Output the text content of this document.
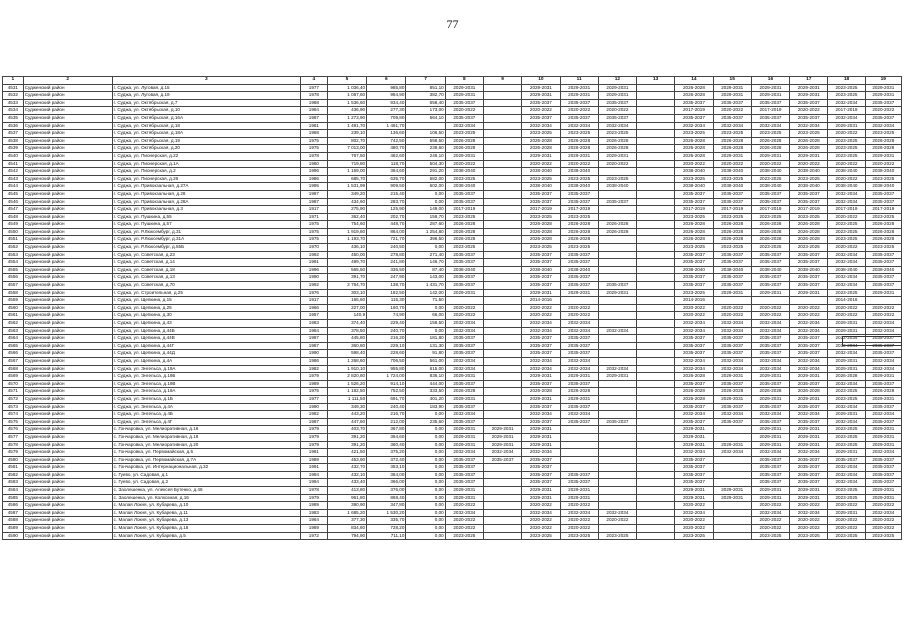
77
1	2	3	4	5	6	7	8	9	10	11	12	13	14	15	16	17	18	19
4531	Судженский район	г. Суджа, ул. Луговая, д.15	1977	1 036,40	985,80	851,10	2029-2031		2029-2031	2029-2031	2029-2031		2026-2028	2029-2031	2029-2031	2029-2031	2023-2025	2029-2031
4532	Судженский район	г. Суджа, ул. Луговая, д.19	1978	1 067,60	984,90	382,70	2029-2031		2029-2031	2029-2031	2029-2031		2026-2028	2029-2031	2029-2031	2029-2031	2023-2025	2029-2031
4533	Судженский район	г. Суджа, ул. Октябрьская, д.7	1988	1 536,60	934,40	658,40	2035-2037		2035-2037	2035-2037	2035-2037		2035-2037	2035-2037	2035-2037	2035-2037	2032-2034	2035-2037
4534	Судженский район	г. Суджа, ул. Октябрьская, д.10	1964	436,90	277,30	173,00	2020-2022		2020-2022	2020-2022	2020-2022		2017-2019	2020-2022	2017-2019	2020-2022	2017-2019	2020-2022
4535	Судженский район	г. Суджа, ул. Октябрьская, д.16А	1987	1 273,90	709,80	564,10	2035-2037		2035-2037	2035-2037	2035-2037		2035-2037	2035-2037	2035-2037	2035-2037	2032-2034	2035-2037
4536	Судженский район	г. Суджа, ул. Октябрьская, д.18	1981	1 491,70	1 491,70		2032-2034		2032-2034	2032-2034	2032-2034		2032-2034	2032-2034	2032-2034	2032-2034	2029-2031	2032-2034
4537	Судженский район	г. Суджа, ул. Октябрьская, д.18А	1968	239,10	136,60	106,50	2023-2025		2023-2025	2023-2025	2023-2025		2023-2025	2023-2025	2023-2025	2023-2025	2020-2022	2023-2025
4538	Судженский район	г. Суджа, ул. Октябрьская, д.19	1975	802,70	742,50	558,50	2026-2028		2026-2028	2026-2028	2026-2028		2026-2028	2026-2028	2026-2028	2026-2028	2023-2025	2026-2028
4539	Судженский район	г. Суджа, ул. Октябрьская, д.20	1975	7 013,00	480,70	239,60	2026-2028		2026-2028	2026-2028	2026-2028		2026-2028	2026-2028	2026-2028	2026-2028	2023-2025	2026-2028
4540	Судженский район	г. Суджа, ул. Пионерская, д.22	1978	767,50	462,60	246,10	2029-2031		2029-2031	2029-2031	2029-2031		2026-2028	2029-2031	2029-2031	2029-2031	2023-2025	2029-2031
4541	Судженский район	г. Суджа, ул. Пионерская, д.1А	1960	719,80	118,70	504,30	2020-2022		2020-2022	2020-2022	2020-2022		2020-2022	2020-2022	2020-2022	2020-2022	2020-2022	2020-2022
4542	Судженский район	г. Суджа, ул. Пионерская, д.2	1996	1 169,00	364,60	291,20	2038-2040		2038-2040	2038-2040			2038-2040	2038-2040	2038-2040	2038-2040	2038-2040	2038-2040
4543	Судженский район	г. Суджа, ул. Пионерская, д.26	1986	685,70	635,70	582,00	2023-2025		2023-2025	2023-2025	2023-2025		2023-2025	2023-2025	2023-2025	2023-2025	2020-2022	2023-2025
4544	Судженский район	г. Суджа, ул. Привокзальная, д.27А	1995	1 531,99	909,50	602,00	2038-2040		2038-2040	2038-2040	2038-2040		2038-2040	2038-2040	2038-2040	2038-2040	2038-2040	2038-2040
4545	Судженский район	г. Суджа, ул. Привокзальная, д.28	1987	349,20	215,40	0,00	2035-2037		2035-2037	2035-2037			2035-2037	2035-2037	2035-2037	2035-2037	2032-2034	2035-2037
4546	Судженский район	г. Суджа, ул. Привокзальная, д.28А	1987	434,60	283,70	0,00	2035-2037		2035-2037	2035-2037	2035-2037		2035-2037	2035-2037	2035-2037	2035-2037	2032-2034	2035-2037
4547	Судженский район	г. Суджа, ул. Привокзальная, д.3	1917	275,90	125,90	149,00	2017-2019		2017-2019	2017-2019			2017-2019	2017-2019	2017-2019	2017-2019	2017-2019	2017-2019
4548	Судженский район	г. Суджа, ул. Пушкина, д.55	1971	362,40	202,70	159,70	2023-2025		2023-2025	2023-2025			2023-2025	2023-2025	2023-2025	2023-2025	2020-2022	2023-2025
4549	Судженский район	г. Суджа, ул. Пушкина, д.57	1975	754,60	448,70	287,60	2026-2028		2026-2028	2026-2028	2026-2028		2026-2028	2026-2028	2026-2028	2026-2028	2023-2025	2026-2028
4550	Судженский район	г. Суджа, ул. Р.Люксембург, д.31	1975	1 919,80	864,00	1 254,80	2026-2028		2026-2028	2026-2028	2026-2028		2026-2028	2026-2028	2026-2028	2026-2028	2023-2025	2026-2028
4551	Судженский район	г. Суджа, ул. Р.Люксембург, д.31А	1975	1 193,70	721,70	396,50	2026-2028		2026-2028	2026-2028			2026-2028	2026-2028	2026-2028	2026-2028	2023-2025	2026-2028
4552	Судженский район	г. Суджа, ул. Р.Люксембург, д.55Б	1970	436,10	240,50	0,00	2023-2025		2023-2025	2023-2025			2023-2025	2023-2025	2023-2025	2023-2025	2020-2022	2023-2025
4553	Судженский район	г. Суджа, ул. Советская, д.23	1992	450,00	278,80	271,40	2035-2037		2035-2037	2035-2037			2035-2037	2035-2037	2035-2037	2035-2037	2032-2034	2035-2037
4554	Судженский район	г. Суджа, ул. Советская, д.14	1991	499,70	241,80	146,70	2035-2037		2035-2037	2035-2037			2035-2037	2035-2037	2035-2037	2035-2037	2032-2034	2035-2037
4555	Судженский район	г. Суджа, ул. Советская, д.18	1996	565,50	336,50	87,40	2038-2040		2038-2040	2038-2040			2038-2040	2038-2040	2038-2040	2038-2040	2038-2040	2038-2040
4556	Судженский район	г. Суджа, ул. Советская, д.13	1990	391,70	247,90	143,00	2035-2037		2035-2037	2035-2037			2035-2037	2035-2037	2035-2037	2035-2037	2032-2034	2035-2037
4557	Судженский район	г. Суджа, ул. Советская, д.70	1992	2 764,70	138,70	1 431,70	2035-2037		2035-2037	2035-2037	2035-2037		2035-2037	2035-2037	2035-2037	2035-2037	2032-2034	2035-2037
4558	Судженский район	г. Суджа, ул. Строительная, д.25	1976	303,10	182,50	142,00	2029-2031		2029-2031	2029-2031	2029-2031		2023-2025	2029-2031	2029-2031	2029-2031	2023-2025	2029-2031
4559	Судженский район	г. Суджа, ул. Щепкина, д.15	1917	165,60	115,30	71,50			2014-2016				2014-2016				2014-2016	
4560	Судженский район	г. Суджа, ул. Щепкина, д.25	1966	227,00	160,70	0,00	2020-2022		2020-2022	2020-2022			2020-2022	2020-2022	2020-2022	2020-2022	2020-2022	2020-2022
4561	Судженский район	г. Суджа, ул. Щепкина, д.30	1957	140,9	74,90	66,00	2020-2022		2020-2022	2020-2022			2020-2022	2020-2022	2020-2022	2020-2022	2020-2022	2020-2022
4562	Судженский район	г. Суджа, ул. Щепкина, д.43	1983	374,40	229,40	158,50	2032-2034		2032-2034	2032-2034			2032-2034	2032-2034	2032-2034	2032-2034	2029-2031	2032-2034
4563	Судженский район	г. Суджа, ул. Щепкина, д.44Б	1984	378,50	240,70	0,00	2032-2034		2032-2034	2032-2034	2032-2034		2032-2034	2032-2034	2032-2034	2032-2034	2029-2031	2032-2034
4564	Судженский район	г. Суджа, ул. Щепкина, д.44В	1987	445,80	216,20	181,80	2035-2037		2035-2037	2035-2037			2035-2037	2035-2037	2035-2037	2035-2037	2032-2034	2035-2037
4565	Судженский район	г. Суджа, ул. Щепкина, д.44Г	1987	360,80	229,10	131,30	2035-2037		2035-2037	2035-2037			2035-2037	2035-2037	2035-2037	2035-2037	2032-2034	2035-2037
4566	Судженский район	г. Суджа, ул. Щепкина, д.44Д	1990	598,40	228,60	91,80	2035-2037		2035-2037	2035-2037			2035-2037	2035-2037	2035-2037	2035-2037	2032-2034	2035-2037
4567	Судженский район	г. Суджа, ул. Щепкина, д.4А	1986	1 268,60	706,50	561,00	2032-2034		2032-2034	2032-2034			2032-2034	2032-2034	2032-2034	2032-2034	2029-2031	2032-2034
4568	Судженский район	г. Суджа, ул. Энгельса, д.19А	1982	1 910,10	955,80	615,00	2032-2034		2032-2034	2032-2034	2032-2034		2032-2034	2032-2034	2032-2034	2032-2034	2029-2031	2032-2034
4569	Судженский район	г. Суджа, ул. Энгельса, д.19Б	1979	2 820,80	1 724,00	836,10	2029-2031		2029-2031	2029-2031	2029-2031		2026-2028	2029-2031	2029-2031	2029-2031	2026-2028	2029-2031
4570	Судженский район	г. Суджа, ул. Энгельса, д.19В	1989	1 526,20	914,10	444,00	2035-2037		2035-2037	2035-2037			2035-2037	2035-2037	2035-2037	2035-2037	2032-2034	2035-2037
4571	Судженский район	г. Суджа, ул. Энгельса, д.19А	1975	1 182,50	752,50	333,50	2026-2028		2026-2028	2026-2028			2026-2028	2026-2028	2026-2028	2026-2028	2023-2025	2026-2028
4572	Судженский район	г. Суджа, ул. Энгельса, д.1Б	1977	1 111,50	691,70	401,20	2029-2031		2029-2031	2029-2031			2026-2028	2029-2031	2029-2031	2029-2031	2023-2025	2029-2031
4573	Судженский район	г. Суджа, ул. Энгельса, д.4А	1990	349,30	240,40	183,90	2035-2037		2035-2037	2035-2037			2035-2037	2035-2037	2035-2037	2035-2037	2032-2034	2035-2037
4574	Судженский район	г. Суджа, ул. Энгельса, д.4Б	1982	443,20	216,70	0,00	2032-2034		2032-2034	2032-2034			2032-2034	2032-2034	2032-2034	2032-2034	2029-2031	2032-2034
4575	Судженский район	г. Суджа, ул. Энгельса, д.4Г	1987	447,60	212,00	235,60	2035-2037		2035-2037	2035-2037	2035-2037		2035-2037	2035-2037	2035-2037	2035-2037	2032-2034	2035-2037
4576	Судженский район	с. Гончаровка, ул. Мелиоративная, д.16	1979	403,70	367,80	0,00	2029-2031	2029-2031	2029-2031				2029-2031		2029-2031	2029-2031	2023-2025	2029-2031
4577	Судженский район	с. Гончаровка, ул. Мелиоративная, д.18	1979	391,20	364,60	0,00	2029-2031	2029-2031	2029-2031				2029-2031		2029-2031	2029-2031	2023-2025	2029-2031
4578	Судженский район	с. Гончаровка, ул. Мелиоративная, д.20	1979	391,20	360,40	0,00	2029-2031	2029-2031	2029-2031				2029-2031	2029-2031	2029-2031	2029-2031	2023-2025	2029-2031
4579	Судженский район	с. Гончаровка, ул. Первомайская, д.5	1981	421,50	375,20	0,00	2032-2034	2032-2034	2032-2034				2032-2034	2032-2034	2032-2034	2032-2034	2029-2031	2032-2034
4580	Судженский район	с. Гончаровка, ул. Первомайская, д.7А	1989	453,90	372,40	0,00	2035-2037	2035-2037	2035-2037				2035-2037		2035-2037	2035-2037	2035-2037	2035-2037
4581	Судженский район	с. Гончаровка, ул. Интернациональная, д.32	1991	432,70	353,10	0,00	2035-2037		2035-2037				2035-2037		2035-2037	2035-2037	2032-2034	2035-2037
4582	Судженский район	с. Гуево, ул. Садовая, д.1	1994	432,10	364,00	0,00	2035-2037		2035-2037	2035-2037			2035-2037		2035-2037	2035-2037	2032-2034	2035-2037
4583	Судженский район	с. Гуево, ул. Садовая, д.2	1994	433,40	366,00	0,00	2035-2037		2035-2037	2035-2037			2035-2037		2035-2037	2035-2037	2032-2034	2035-2037
4584	Судженский район	с. Заолешенка, ул. Алексея Бутенко, д.46	1978	413,80	376,00	0,00	2029-2031		2029-2031	2029-2031			2029-2031	2029-2031	2029-2031	2029-2031	2023-2025	2029-2031
4585	Судженский район	с. Заолешенка, ул. Колхозная, д.16	1979	961,80	868,40	0,00	2029-2031		2029-2031	2029-2031			2029-2031	2029-2031	2029-2031	2029-2031	2023-2025	2029-2031
4586	Судженский район	с. Малая Локня, ул. Кубарева, д.10	1989	390,90	347,80	0,00	2020-2022		2020-2022	2020-2022			2020-2022		2020-2022	2020-2022	2020-2022	2020-2022
4587	Судженский район	с. Малая Локня, ул. Кубарева, д.11	1983	1 685,20	1 530,20	0,00	2032-2034		2032-2034	2032-2034	2032-2034		2032-2034		2032-2034	2032-2034	2029-2031	2032-2034
4588	Судженский район	с. Малая Локня, ул. Кубарева, д.13	1964	377,30	335,70	0,00	2020-2022		2020-2022	2020-2022	2020-2022		2020-2022		2020-2022	2020-2022	2020-2022	2020-2022
4589	Судженский район	с. Малая Локня, ул. Кубарева, д.18	1989	834,80	728,20	0,00	2020-2022		2020-2022	2020-2022			2020-2022		2020-2022	2020-2022	2020-2022	2020-2022
4590	Судженский район	с. Малая Локня, ул. Кубарева, д.5	1972	794,90	711,10	0,00	2023-2025		2023-2025	2023-2025	2023-2025		2023-2025		2023-2025	2023-2025	2023-2025	2023-2025
